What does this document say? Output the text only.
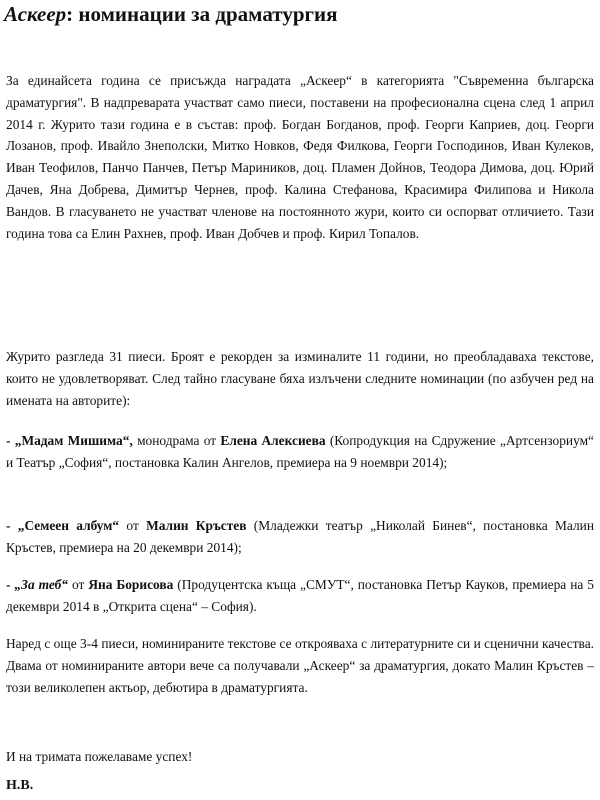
Аскеер: номинации за драматургия

За единайсета година се присъжда наградата „Аскеер“ в категорията "Съвременна българска драматургия". В надпреварата участват само пиеси, поставени на професионална сцена след 1 април 2014 г. Журито тази година е в състав: проф. Богдан Богданов, проф. Георги Каприев, доц. Георги Лозанов, проф. Ивайло Знеполски, Митко Новков, Федя Филкова, Георги Господинов, Иван Кулеков, Иван Теофилов, Панчо Панчев, Петър Мариников, доц. Пламен Дойнов, Теодора Димова, доц. Юрий Дачев, Яна Добрева, Димитър Чернев, проф. Калина Стефанова, Красимира Филипова и Никола Вандов. В гласуването не участват членове на постоянното жури, които си оспорват отличието. Тази година това са Елин Рахнев, проф. Иван Добчев и проф. Кирил Топалов.

Журито разгледа 31 пиеси. Броят е рекорден за изминалите 11 години, но преобладаваха текстове, които не удовлетворяват. След тайно гласуване бяха излъчени следните номинации (по азбучен ред на имената на авторите):

- „Мадам Мишима“, монодрама от Елена Алексиева (Копродукция на Сдружение „Артсензориум“ и Театър „София“, постановка Калин Ангелов, премиера на 9 ноември 2014);

- „Семеен албум“ от Малин Кръстев (Младежки театър „Николай Бинев“, постановка Малин Кръстев, премиера на 20 декември 2014);

- „За теб“ от Яна Борисова (Продуцентска къща „СМУТ“, постановка Петър Кауков, премиера на 5 декември 2014 в „Открита сцена“ – София).

Наред с още 3-4 пиеси, номинираните текстове се открояваха с литературните си и сценични качества. Двама от номинираните автори вече са получавали „Аскеер“ за драматургия, докато Малин Кръстев – този великолепен актьор, дебютира в драматургията.

И на тримата пожелаваме успех!

Н.В.
